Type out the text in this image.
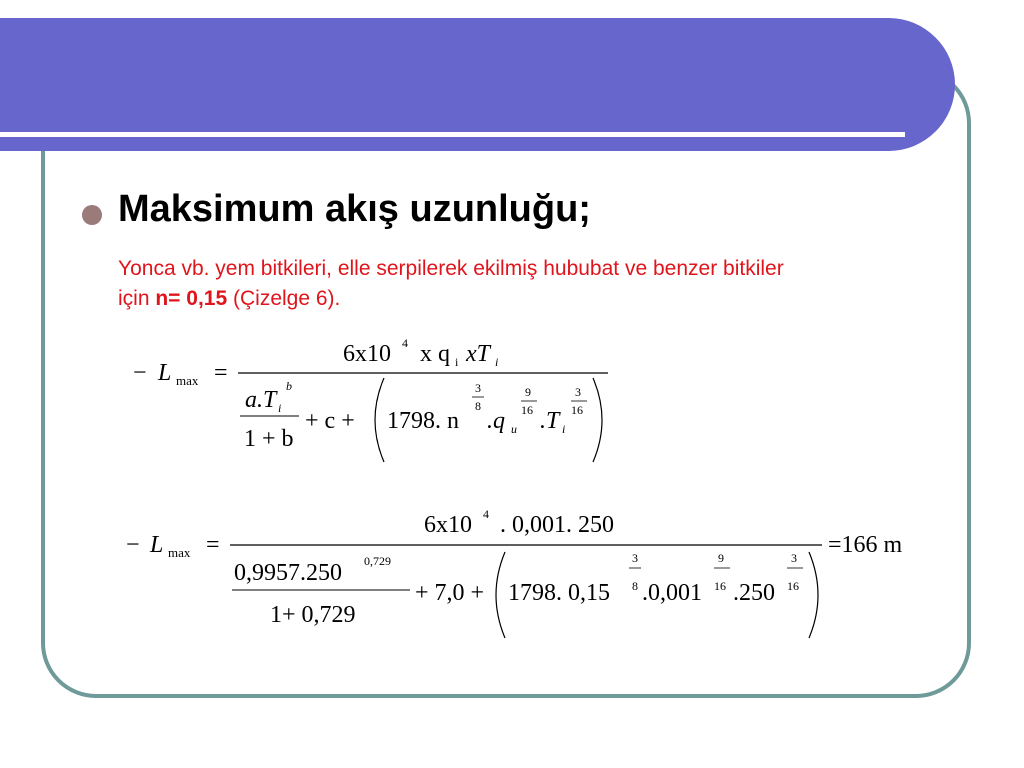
Maksimum akış uzunluğu;
Yonca vb. yem bitkileri, elle serpilerek ekilmiş hububat ve benzer bitkiler
için n= 0,15 (Çizelge 6).
− L max =
6x10 4 x q i xT i
a.T
b
i
1 + b
+ c + 1798. n
3
8
.q u
9
16 .T i
3
16
− L max =
6x10 4 . 0,001. 250
0,9957.250 0,729
1+ 0,729
+ 7,0 + 1798. 0,15
3
8 .0,001
9
16 .250
3
16
=166 m
